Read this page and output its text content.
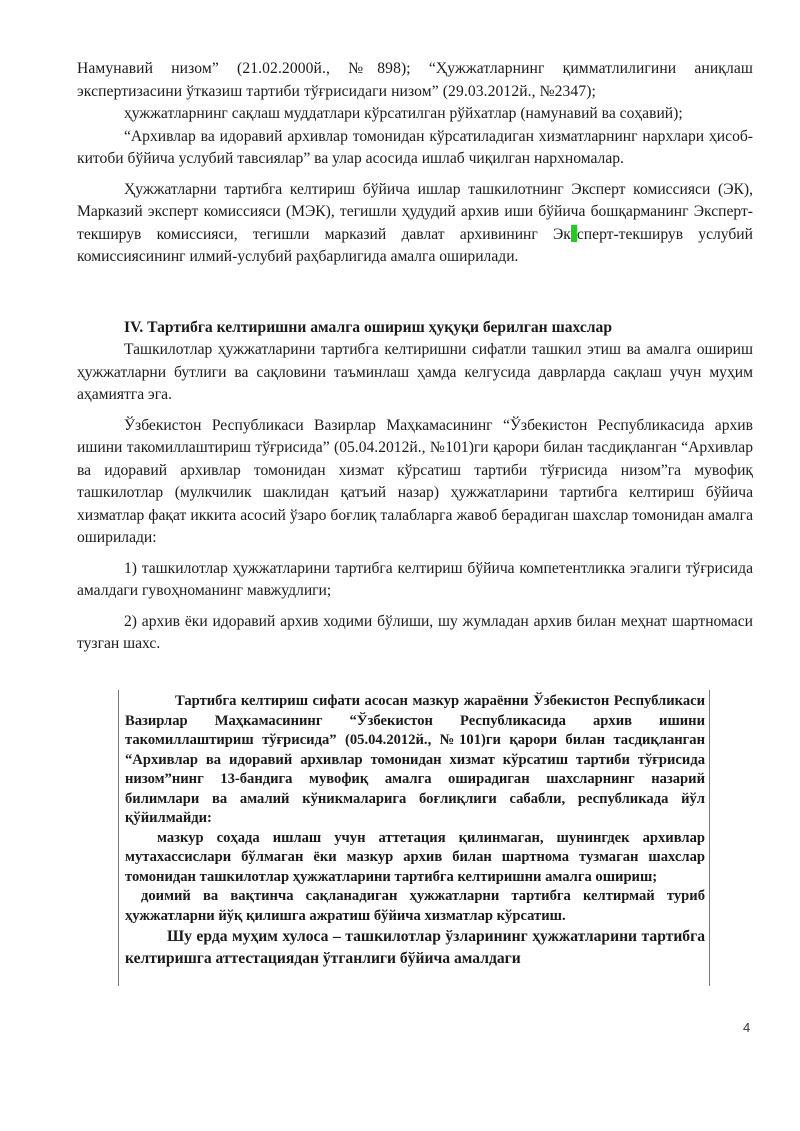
Намунавий низом” (21.02.2000й., №898); “Ҳужжатларнинг қимматлилигини аниқлаш экспертизасини ўтказиш тартиби тўғрисидаги низом” (29.03.2012й., №2347);

ҳужжатларнинг сақлаш муддатлари кўрсатилган рўйхатлар (намунавий ва соҳавий);

“Архивлар ва идоравий архивлар томонидан кўрсатиладиган хизматларнинг нархлари ҳисоб-китоби бўйича услубий тавсиялар” ва улар асосида ишлаб чиқилган нархномалар.

Ҳужжатларни тартибга келтириш бўйича ишлар ташкилотнинг Эксперт комиссияси (ЭК), Марказий эксперт комиссияси (МЭК), тегишли ҳудудий архив иши бўйича бошқарманинг Эксперт-текширув комиссияси, тегишли марказий давлат архивининг Эк сперт-текширув услубий комиссиясининг илмий-услубий раҳбарлигида амалга оширилади.

IV. Тартибга келтиришни амалга ошириш ҳуқуқи берилган шахслар

Ташкилотлар ҳужжатларини тартибга келтиришни сифатли ташкил этиш ва амалга ошириш ҳужжатларни бутлиги ва сақловини таъминлаш ҳамда келгусида даврларда сақлаш учун муҳим аҳамиятга эга.

Ўзбекистон Республикаси Вазирлар Маҳкамасининг “Ўзбекистон Республикасида архив ишини такомиллаштириш тўғрисида” (05.04.2012й., №101)ги қарори билан тасдиқланган “Архивлар ва идоравий архивлар томонидан хизмат кўрсатиш тартиби тўғрисида низом”га мувофиқ ташкилотлар (мулкчилик шаклидан қатъий назар) ҳужжатларини тартибга келтириш бўйича хизматлар фақат иккита асосий ўзаро боғлиқ талабларга жавоб берадиган шахслар томонидан амалга оширилади:

1) ташкилотлар ҳужжатларини тартибга келтириш бўйича компетентликка эгалиги тўғрисида амалдаги гувоҳноманинг мавжудлиги;

2) архив ёки идоравий архив ходими бўлиши, шу жумладан архив билан меҳнат шартномаси тузган шахс.

Тартибга келтириш сифати асосан мазкур жараённи Ўзбекистон Республикаси Вазирлар Маҳкамасининг “Ўзбекистон Республикасида архив ишини такомиллаштириш тўғрисида” (05.04.2012й., №101)ги қарори билан тасдиқланган “Архивлар ва идоравий архивлар томонидан хизмат кўрсатиш тартиби тўғрисида низом”нинг 13-бандига мувофиқ амалга оширадиган шахсларнинг назарий билимлари ва амалий кўникмаларига боғлиқлиги сабабли, республикада йўл қўйилмайди:

мазкур соҳада ишлаш учун аттетация қилинмаган, шунингдек архивлар мутахассислари бўлмаган ёки мазкур архив билан шартнома тузмаган шахслар томонидан ташкилотлар ҳужжатларини тартибга келтиришни амалга ошириш;

доимий ва вақтинча сақланадиган ҳужжатларни тартибга келтирмай туриб ҳужжатларни йўқ қилишга ажратиш бўйича хизматлар кўрсатиш.

Шу ерда муҳим хулоса – ташкилотлар ўзларининг ҳужжатларини тартибга келтиришга аттестациядан ўтганлиги бўйича амалдаги

4
